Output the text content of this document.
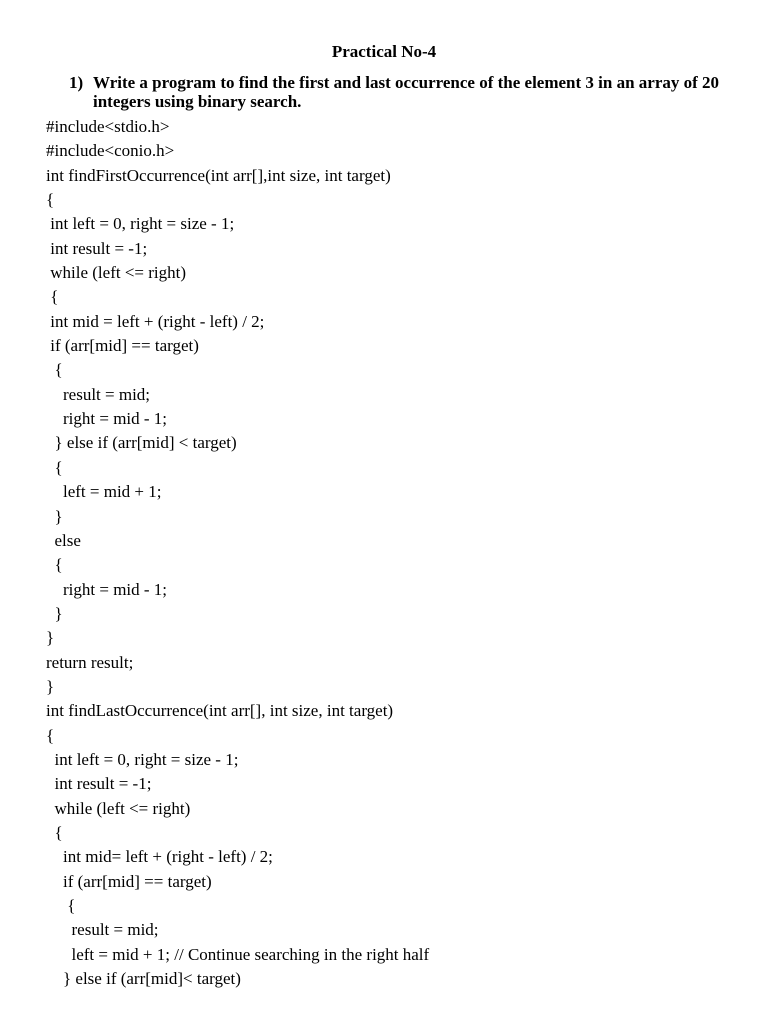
Practical No-4
1) Write a program to find the first and last occurrence of the element 3 in an array of 20 integers using binary search.
#include<stdio.h>
#include<conio.h>
int findFirstOccurrence(int arr[],int size, int target)
{
int left = 0, right = size - 1;
int result = -1;
while (left <= right)
{
int mid = left + (right - left) / 2;
if (arr[mid] == target)
{
result = mid;
right = mid - 1;
} else if (arr[mid] < target)
{
left = mid + 1;
}
else
{
right = mid - 1;
}
}
return result;
}
int findLastOccurrence(int arr[], int size, int target)
{
int left = 0, right = size - 1;
int result = -1;
while (left <= right)
{
int mid= left + (right - left) / 2;
if (arr[mid] == target)
{
result = mid;
left = mid + 1; // Continue searching in the right half
} else if (arr[mid]< target)
